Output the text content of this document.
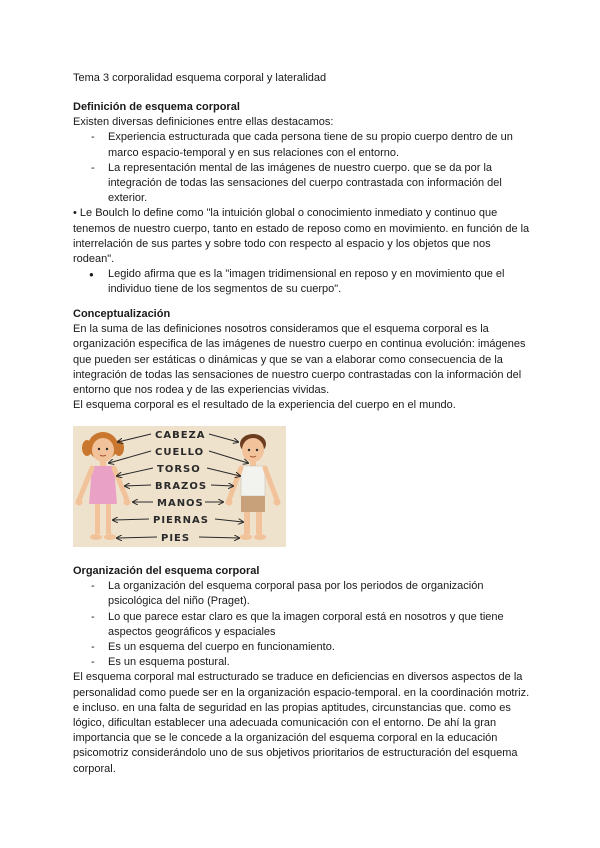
Tema 3 corporalidad esquema corporal y lateralidad

Definición de esquema corporal

Existen diversas definiciones entre ellas destacamos:

- Experiencia estructurada que cada persona tiene de su propio cuerpo dentro de un marco espacio-temporal y en sus relaciones con el entorno.
- La representación mental de las imágenes de nuestro cuerpo. que se da por la integración de todas las sensaciones del cuerpo contrastada con información del exterior.

• Le Boulch lo define como "la intuición global o conocimiento inmediato y continuo que tenemos de nuestro cuerpo, tanto en estado de reposo como en movimiento. en función de la interrelación de sus partes y sobre todo con respecto al espacio y los objetos que nos rodean".

● Legido afirma que es la "imagen tridimensional en reposo y en movimiento que el individuo tiene de los segmentos de su cuerpo".
Conceptualización

En la suma de las definiciones nosotros consideramos que el esquema corporal es la organización especifica de las imágenes de nuestro cuerpo en continua evolución: imágenes que pueden ser estáticas o dinámicas y que se van a elaborar como consecuencia de la integración de todas las sensaciones de nuestro cuerpo contrastadas con la información del entorno que nos rodea y de las experiencias vividas.

El esquema corporal es el resultado de la experiencia del cuerpo en el mundo.

CABEZA
CUELLO
TORSO
BRAZOS
MANOS
PIERNAS
PIES
Organización del esquema corporal
- La organización del esquema corporal pasa por los periodos de organización psicológica del niño (Praget).
- Lo que parece estar claro es que la imagen corporal está en nosotros y que tiene aspectos geográficos y espaciales
- Es un esquema del cuerpo en funcionamiento.
- Es un esquema postural.

El esquema corporal mal estructurado se traduce en deficiencias en diversos aspectos de la personalidad como puede ser en la organización espacio-temporal. en la coordinación motriz. e incluso. en una falta de seguridad en las propias aptitudes, circunstancias que. como es lógico, dificultan establecer una adecuada comunicación con el entorno. De ahí la gran importancia que se le concede a la organización del esquema corporal en la educación psicomotriz considerándolo uno de sus objetivos prioritarios de estructuración del esquema corporal.
